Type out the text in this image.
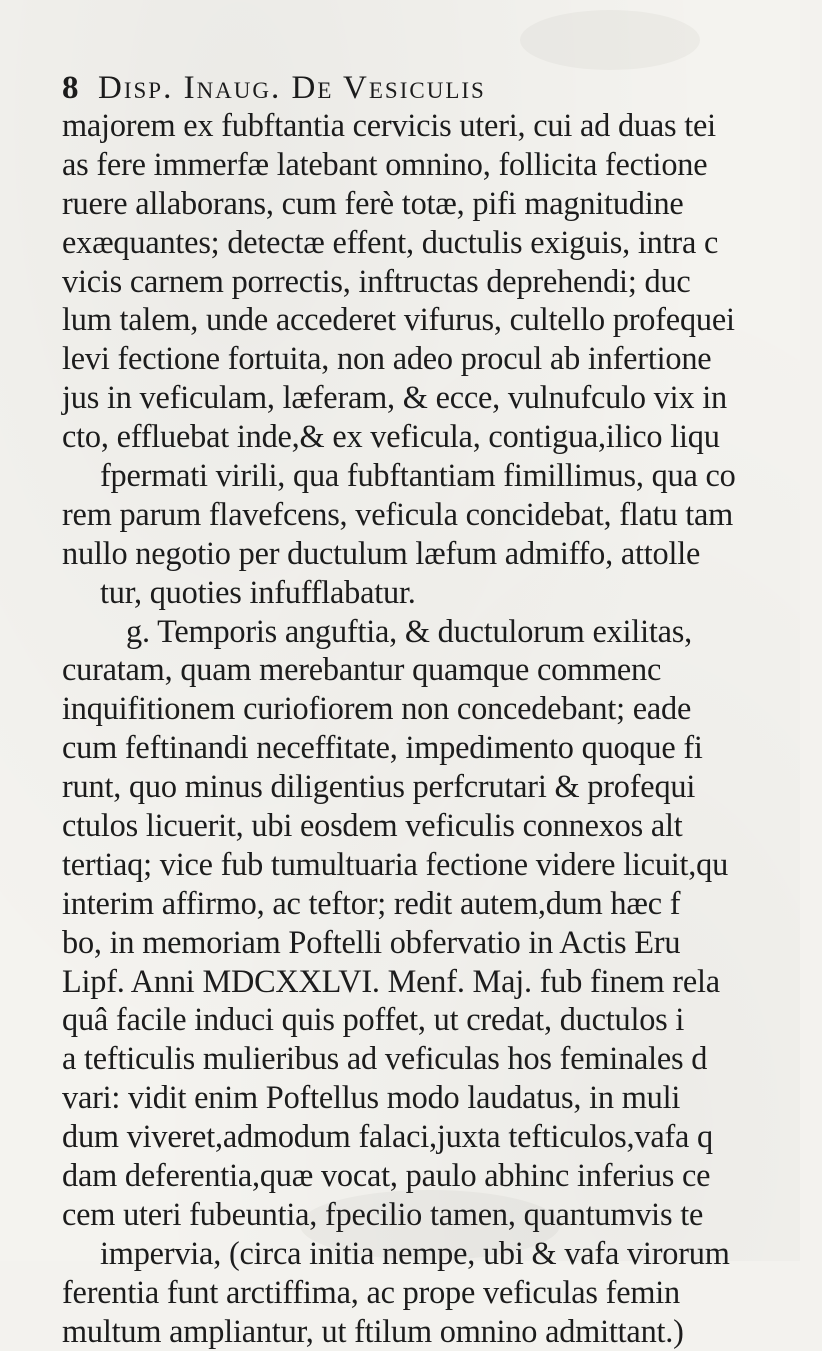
8 Disp. Inaug. De Vesiculis
majorem ex fubftantia cervicis uteri, cui ad duas tei
as fere immerfæ latebant omnino, follicita fectione
ruere allaborans, cum ferè totæ, pifi magnitudine
exæquantes; detectæ effent, ductulis exiguis, intra c
vicis carnem porrectis, inftructas deprehendi; duc
lum talem, unde accederet vifurus, cultello profequei
levi fectione fortuita, non adeo procul ab infertione
jus in veficulam, læferam, & ecce, vulnufculo vix in
cto, effluebat inde,& ex veficula, contigua,ilico liqu
fpermati virili, qua fubftantiam fimillimus, qua co
rem parum flavefcens, veficula concidebat, flatu tam
nullo negotio per ductulum læfum admiffo, attolle
tur, quoties infufflabatur.
g. Temporis anguftia, & ductulorum exilitas,
curatam, quam merebantur quamque commenc
inquifitionem curiofiorem non concedebant; eade
cum feftinandi neceffitate, impedimento quoque fi
runt, quo minus diligentius perfcrutari & profequi
ctulos licuerit, ubi eosdem veficulis connexos alt
tertiaq; vice fub tumultuaria fectione videre licuit,qu
interim affirmo, ac teftor; redit autem,dum hæc f
bo, in memoriam Poftelli obfervatio in Actis Eru
Lipf. Anni MDCXXLVI. Menf. Maj. fub finem rela
quâ facile induci quis poffet, ut credat, ductulos i
a tefticulis mulieribus ad veficulas hos feminales d
vari: vidit enim Poftellus modo laudatus, in muli
dum viveret,admodum falaci,juxta tefticulos,vafa q
dam deferentia,quæ vocat, paulo abhinc inferius ce
cem uteri fubeuntia, fpecilio tamen, quantumvis te
impervia, (circa initia nempe, ubi & vafa virorum
ferentia funt arctiffima, ac prope veficulas femin
multum ampliantur, ut ftilum omnino admittant.)
